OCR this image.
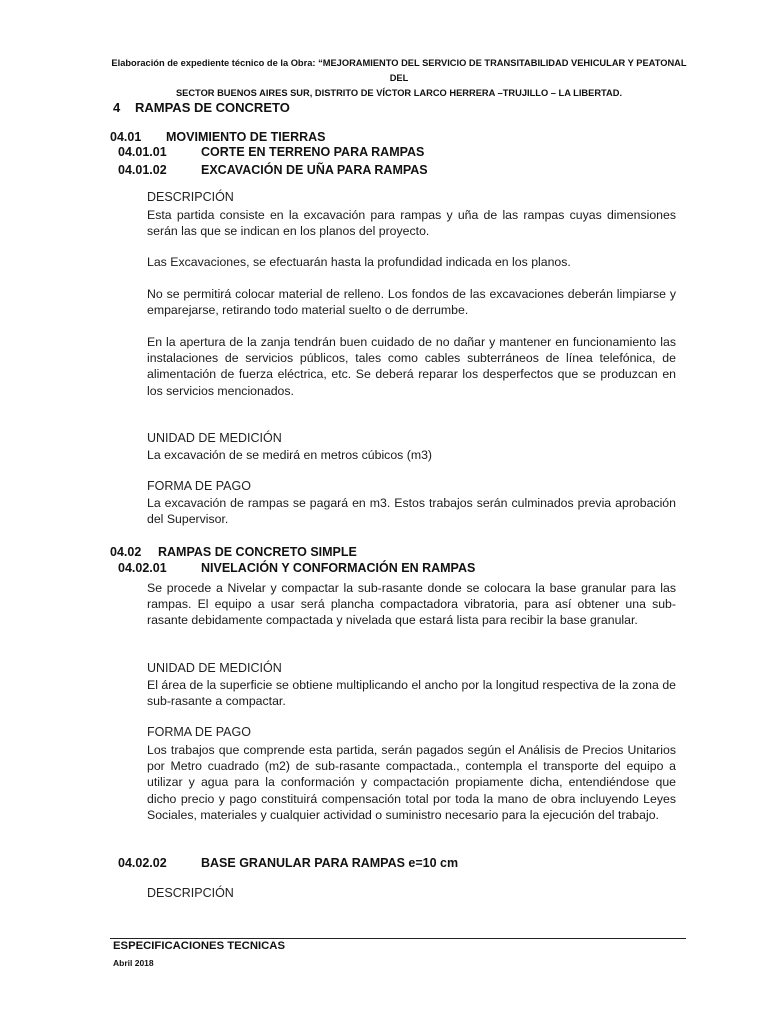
Elaboración de expediente técnico de la Obra: “MEJORAMIENTO DEL SERVICIO DE TRANSITABILIDAD VEHICULAR Y PEATONAL DEL
SECTOR BUENOS AIRES SUR, DISTRITO DE VÍCTOR LARCO HERRERA –TRUJILLO – LA LIBERTAD.
4 RAMPAS DE CONCRETO
04.01 MOVIMIENTO DE TIERRAS
04.01.01	CORTE EN TERRENO PARA RAMPAS
04.01.02	EXCAVACIÓN DE UÑA PARA RAMPAS
DESCRIPCIÓN
Esta partida consiste en la excavación para rampas y uña de las rampas cuyas dimensiones serán las que se indican en los planos del proyecto.
Las Excavaciones, se efectuarán hasta la profundidad indicada en los planos.
No se permitirá colocar material de relleno. Los fondos de las excavaciones deberán limpiarse y emparejarse, retirando todo material suelto o de derrumbe.
En la apertura de la zanja tendrán buen cuidado de no dañar y mantener en funcionamiento las instalaciones de servicios públicos, tales como cables subterráneos de línea telefónica, de alimentación de fuerza eléctrica, etc. Se deberá reparar los desperfectos que se produzcan en los servicios mencionados.
UNIDAD DE MEDICIÓN
La excavación de se medirá en metros cúbicos (m3)
FORMA DE PAGO
La excavación de rampas se pagará en m3. Estos trabajos serán culminados previa aprobación del Supervisor.
04.02 RAMPAS DE CONCRETO SIMPLE
04.02.01	NIVELACIÓN Y CONFORMACIÓN EN RAMPAS
Se procede a Nivelar y compactar la sub-rasante donde se colocara la base granular para las rampas. El equipo a usar será plancha compactadora vibratoria, para así obtener una sub-rasante debidamente compactada y nivelada que estará lista para recibir la base granular.
UNIDAD DE MEDICIÓN
El área de la superficie se obtiene multiplicando el ancho por la longitud respectiva de la zona de sub-rasante a compactar.
FORMA DE PAGO
Los trabajos que comprende esta partida, serán pagados según el Análisis de Precios Unitarios por Metro cuadrado (m2) de sub-rasante compactada., contempla el transporte del equipo a utilizar y agua para la conformación y compactación propiamente dicha, entendiéndose que dicho precio y pago constituirá compensación total por toda la mano de obra incluyendo Leyes Sociales, materiales y cualquier actividad o suministro necesario para la ejecución del trabajo.
04.02.02	BASE GRANULAR PARA RAMPAS e=10 cm
DESCRIPCIÓN
ESPECIFICACIONES TECNICAS
Abril 2018
